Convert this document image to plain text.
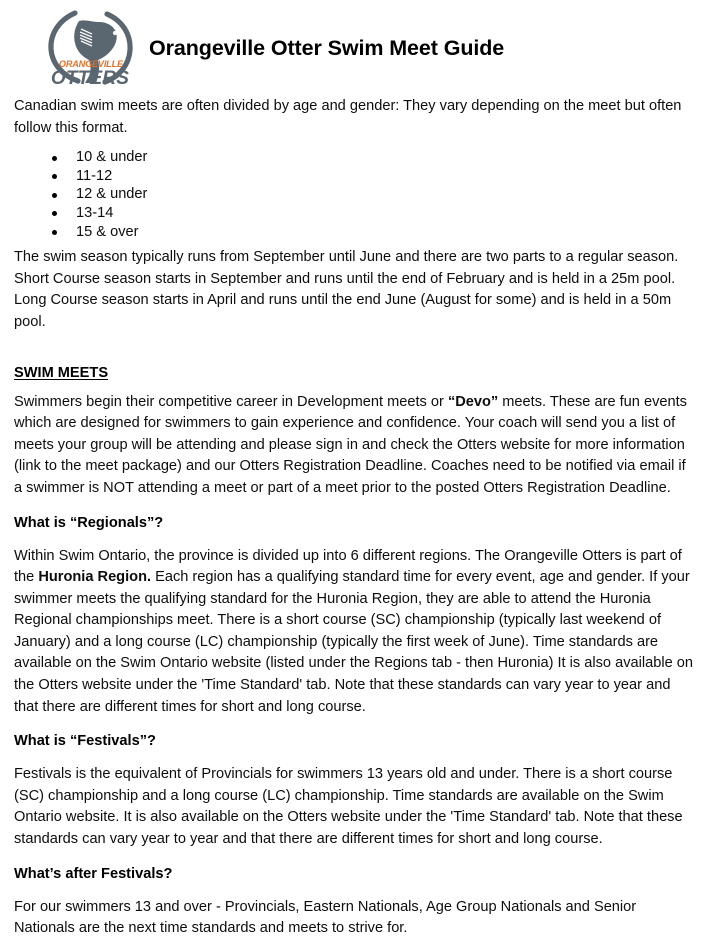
ORANGEVILLE
OTTERS
Orangeville Otter Swim Meet Guide

Canadian swim meets are often divided by age and gender: They vary depending on the meet but often follow this format.

10 & under
11-12
12 & under
13-14
15 & over

The swim season typically runs from September until June and there are two parts to a regular season. Short Course season starts in September and runs until the end of February and is held in a 25m pool. Long Course season starts in April and runs until the end June (August for some) and is held in a 50m pool.

SWIM MEETS

Swimmers begin their competitive career in Development meets or “Devo” meets. These are fun events which are designed for swimmers to gain experience and confidence. Your coach will send you a list of meets your group will be attending and please sign in and check the Otters website for more information (link to the meet package) and our Otters Registration Deadline. Coaches need to be notified via email if a swimmer is NOT attending a meet or part of a meet prior to the posted Otters Registration Deadline.

What is “Regionals”?

Within Swim Ontario, the province is divided up into 6 different regions. The Orangeville Otters is part of the Huronia Region. Each region has a qualifying standard time for every event, age and gender. If your swimmer meets the qualifying standard for the Huronia Region, they are able to attend the Huronia Regional championships meet. There is a short course (SC) championship (typically last weekend of January) and a long course (LC) championship (typically the first week of June). Time standards are available on the Swim Ontario website (listed under the Regions tab - then Huronia) It is also available on the Otters website under the 'Time Standard' tab. Note that these standards can vary year to year and that there are different times for short and long course.

What is “Festivals”?

Festivals is the equivalent of Provincials for swimmers 13 years old and under. There is a short course (SC) championship and a long course (LC) championship. Time standards are available on the Swim Ontario website. It is also available on the Otters website under the 'Time Standard' tab. Note that these standards can vary year to year and that there are different times for short and long course.

What’s after Festivals?

For our swimmers 13 and over - Provincials, Eastern Nationals, Age Group Nationals and Senior Nationals are the next time standards and meets to strive for.
